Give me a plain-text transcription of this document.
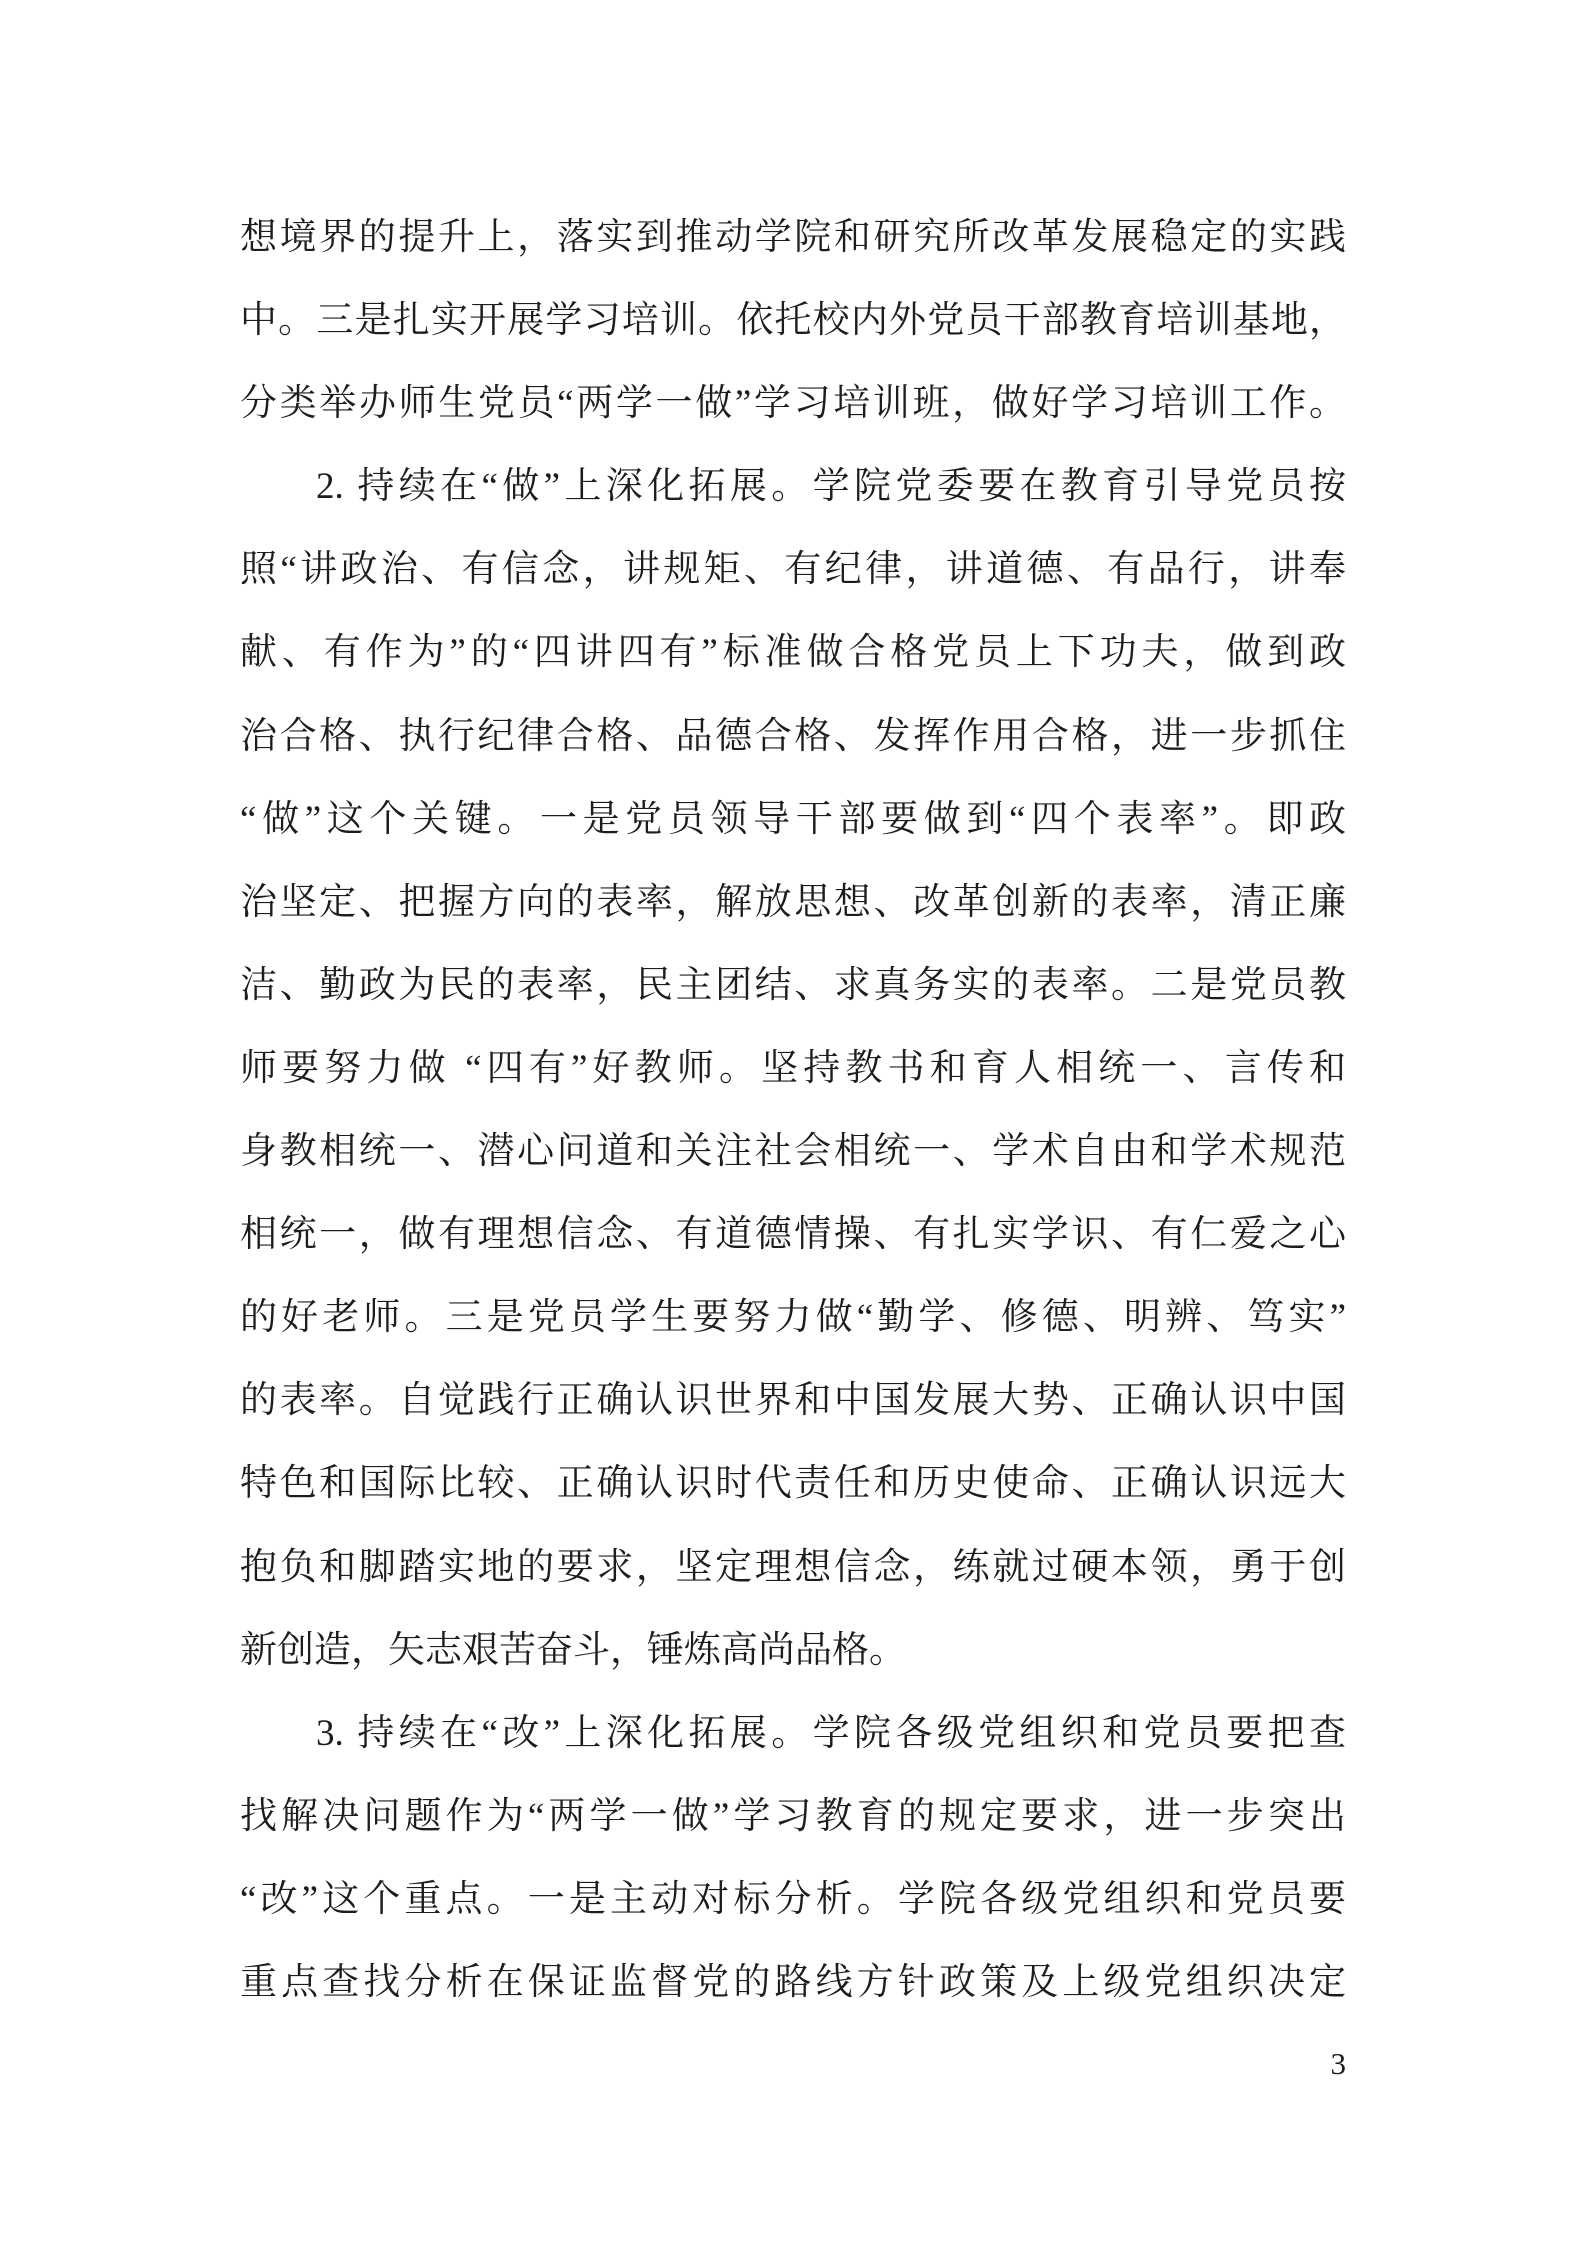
想境界的提升上，落实到推动学院和研究所改革发展稳定的实践
中。三是扎实开展学习培训。依托校内外党员干部教育培训基地，
分类举办师生党员“两学一做”学习培训班，做好学习培训工作。
2. 持续在“做”上深化拓展。学院党委要在教育引导党员按
照“讲政治、有信念，讲规矩、有纪律，讲道德、有品行，讲奉
献、有作为”的“四讲四有”标准做合格党员上下功夫，做到政
治合格、执行纪律合格、品德合格、发挥作用合格，进一步抓住
“做”这个关键。一是党员领导干部要做到“四个表率”。即政
治坚定、把握方向的表率，解放思想、改革创新的表率，清正廉
洁、勤政为民的表率，民主团结、求真务实的表率。二是党员教
师要努力做 “四有”好教师。坚持教书和育人相统一、言传和
身教相统一、潜心问道和关注社会相统一、学术自由和学术规范
相统一，做有理想信念、有道德情操、有扎实学识、有仁爱之心
的好老师。三是党员学生要努力做“勤学、修德、明辨、笃实”
的表率。自觉践行正确认识世界和中国发展大势、正确认识中国
特色和国际比较、正确认识时代责任和历史使命、正确认识远大
抱负和脚踏实地的要求，坚定理想信念，练就过硬本领，勇于创
新创造，矢志艰苦奋斗，锤炼高尚品格。
3. 持续在“改”上深化拓展。学院各级党组织和党员要把查
找解决问题作为“两学一做”学习教育的规定要求，进一步突出
“改”这个重点。一是主动对标分析。学院各级党组织和党员要
重点查找分析在保证监督党的路线方针政策及上级党组织决定
3
